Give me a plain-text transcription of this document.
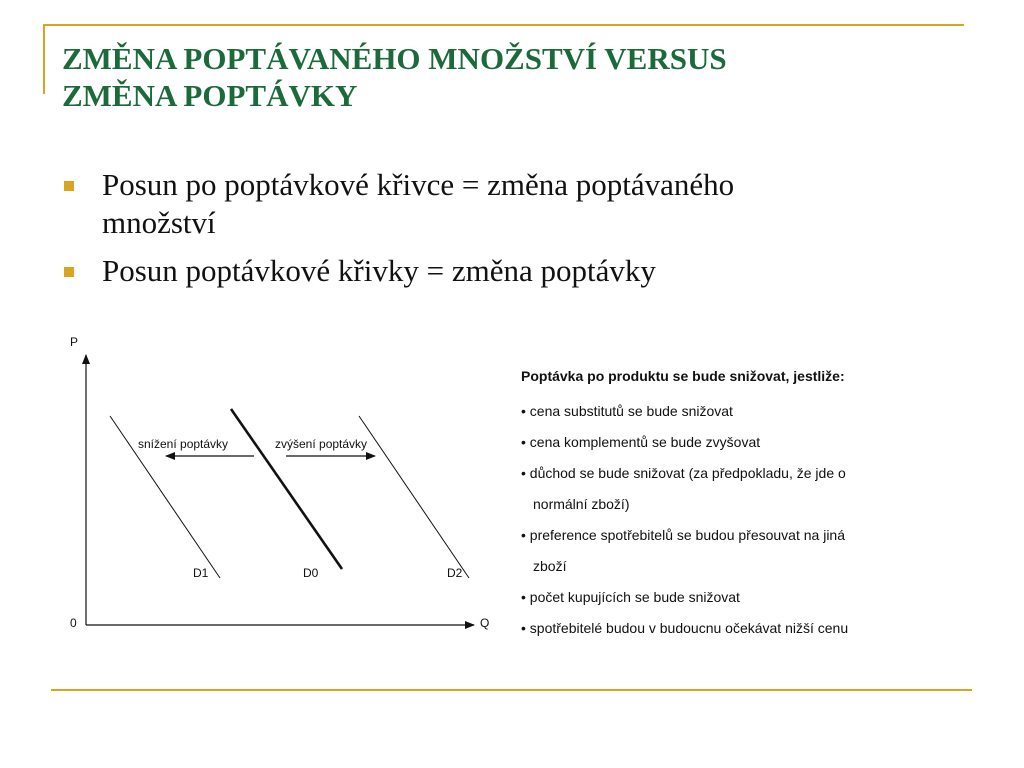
ZMĚNA POPTÁVANÉHO MNOŽSTVÍ VERSUS
ZMĚNA POPTÁVKY
Posun po poptávkové křivce = změna poptávaného
množství
Posun poptávkové křivky = změna poptávky
P
Q
0
D1	D0	D2
snížení poptávky	zvýšení poptávky
Poptávka po produktu se bude snižovat, jestliže:
• cena substitutů se bude snižovat
• cena komplementů se bude zvyšovat
• důchod se bude snižovat (za předpokladu, že jde o
normální zboží)
• preference spotřebitelů se budou přesouvat na jiná
zboží
• počet kupujících se bude snižovat
• spotřebitelé budou v budoucnu očekávat nižší cenu
